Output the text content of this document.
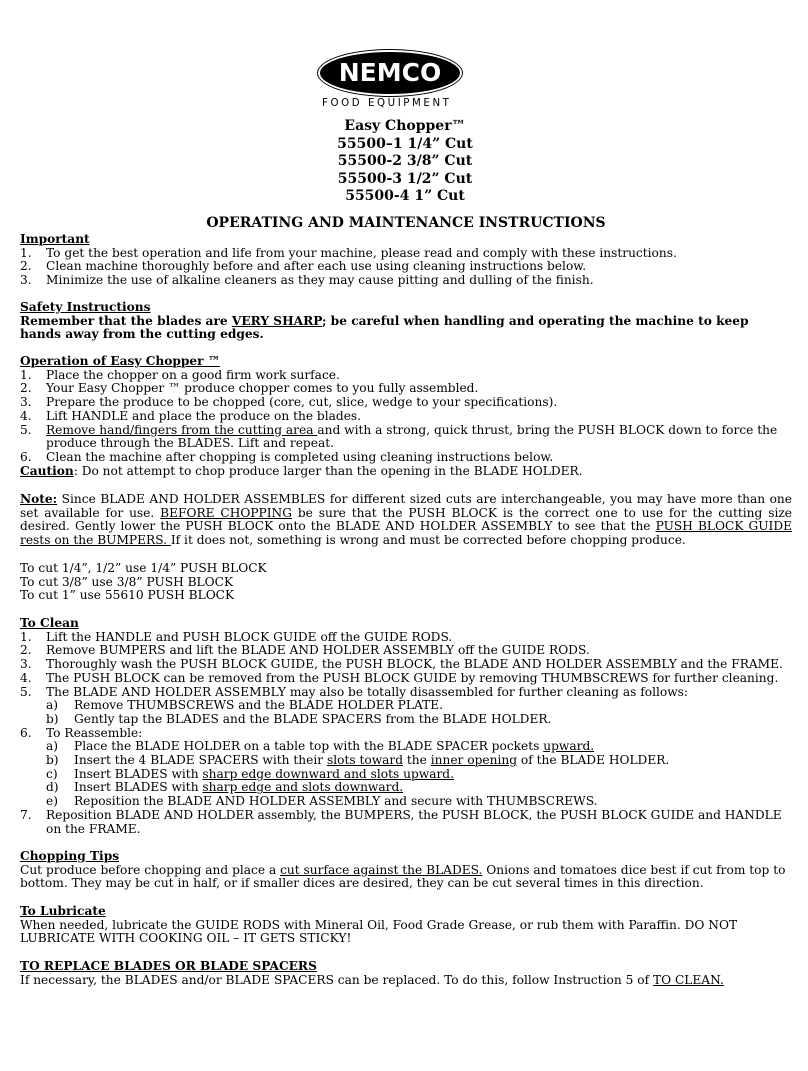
NEMCO
FOOD EQUIPMENT
Easy Chopper™
55500–1 1/4” Cut
55500-2 3/8” Cut
55500-3 1/2” Cut
55500-4 1” Cut
OPERATING AND MAINTENANCE INSTRUCTIONS
Important
1. To get the best operation and life from your machine, please read and comply with these instructions.
2. Clean machine thoroughly before and after each use using cleaning instructions below.
3. Minimize the use of alkaline cleaners as they may cause pitting and dulling of the finish.
Safety Instructions

Remember that the blades are VERY SHARP; be careful when handling and operating the machine to keep hands away from the cutting edges.

Operation of Easy Chopper ™
1. Place the chopper on a good firm work surface.
2. Your Easy Chopper ™ produce chopper comes to you fully assembled.
3. Prepare the produce to be chopped (core, cut, slice, wedge to your specifications).
4. Lift HANDLE and place the produce on the blades.
5. Remove hand/fingers from the cutting area and with a strong, quick thrust, bring the PUSH BLOCK down to force the produce through the BLADES. Lift and repeat.
6. Clean the machine after chopping is completed using cleaning instructions below.

Caution: Do not attempt to chop produce larger than the opening in the BLADE HOLDER.

Note: Since BLADE AND HOLDER ASSEMBLES for different sized cuts are interchangeable, you may have more than one set available for use. BEFORE CHOPPING be sure that the PUSH BLOCK is the correct one to use for the cutting size desired. Gently lower the PUSH BLOCK onto the BLADE AND HOLDER ASSEMBLY to see that the PUSH BLOCK GUIDE rests on the BUMPERS. If it does not, something is wrong and must be corrected before chopping produce.

To cut 1/4”, 1/2” use 1/4” PUSH BLOCK
To cut 3/8” use 3/8” PUSH BLOCK
To cut 1” use 55610 PUSH BLOCK
To Clean
1. Lift the HANDLE and PUSH BLOCK GUIDE off the GUIDE RODS.
2. Remove BUMPERS and lift the BLADE AND HOLDER ASSEMBLY off the GUIDE RODS.
3. Thoroughly wash the PUSH BLOCK GUIDE, the PUSH BLOCK, the BLADE AND HOLDER ASSEMBLY and the FRAME.
4. The PUSH BLOCK can be removed from the PUSH BLOCK GUIDE by removing THUMBSCREWS for further cleaning.
5. The BLADE AND HOLDER ASSEMBLY may also be totally disassembled for further cleaning as follows:
a) Remove THUMBSCREWS and the BLADE HOLDER PLATE.
b) Gently tap the BLADES and the BLADE SPACERS from the BLADE HOLDER.
6. To Reassemble:
a) Place the BLADE HOLDER on a table top with the BLADE SPACER pockets upward.
b) Insert the 4 BLADE SPACERS with their slots toward the inner opening of the BLADE HOLDER.
c) Insert BLADES with sharp edge downward and slots upward.
d) Insert BLADES with sharp edge and slots downward.
e) Reposition the BLADE AND HOLDER ASSEMBLY and secure with THUMBSCREWS.
7. Reposition BLADE AND HOLDER assembly, the BUMPERS, the PUSH BLOCK, the PUSH BLOCK GUIDE and HANDLE on the FRAME.
Chopping Tips

Cut produce before chopping and place a cut surface against the BLADES. Onions and tomatoes dice best if cut from top to bottom. They may be cut in half, or if smaller dices are desired, they can be cut several times in this direction.

To Lubricate

When needed, lubricate the GUIDE RODS with Mineral Oil, Food Grade Grease, or rub them with Paraffin. DO NOT LUBRICATE WITH COOKING OIL – IT GETS STICKY!

TO REPLACE BLADES OR BLADE SPACERS

If necessary, the BLADES and/or BLADE SPACERS can be replaced. To do this, follow Instruction 5 of TO CLEAN.
